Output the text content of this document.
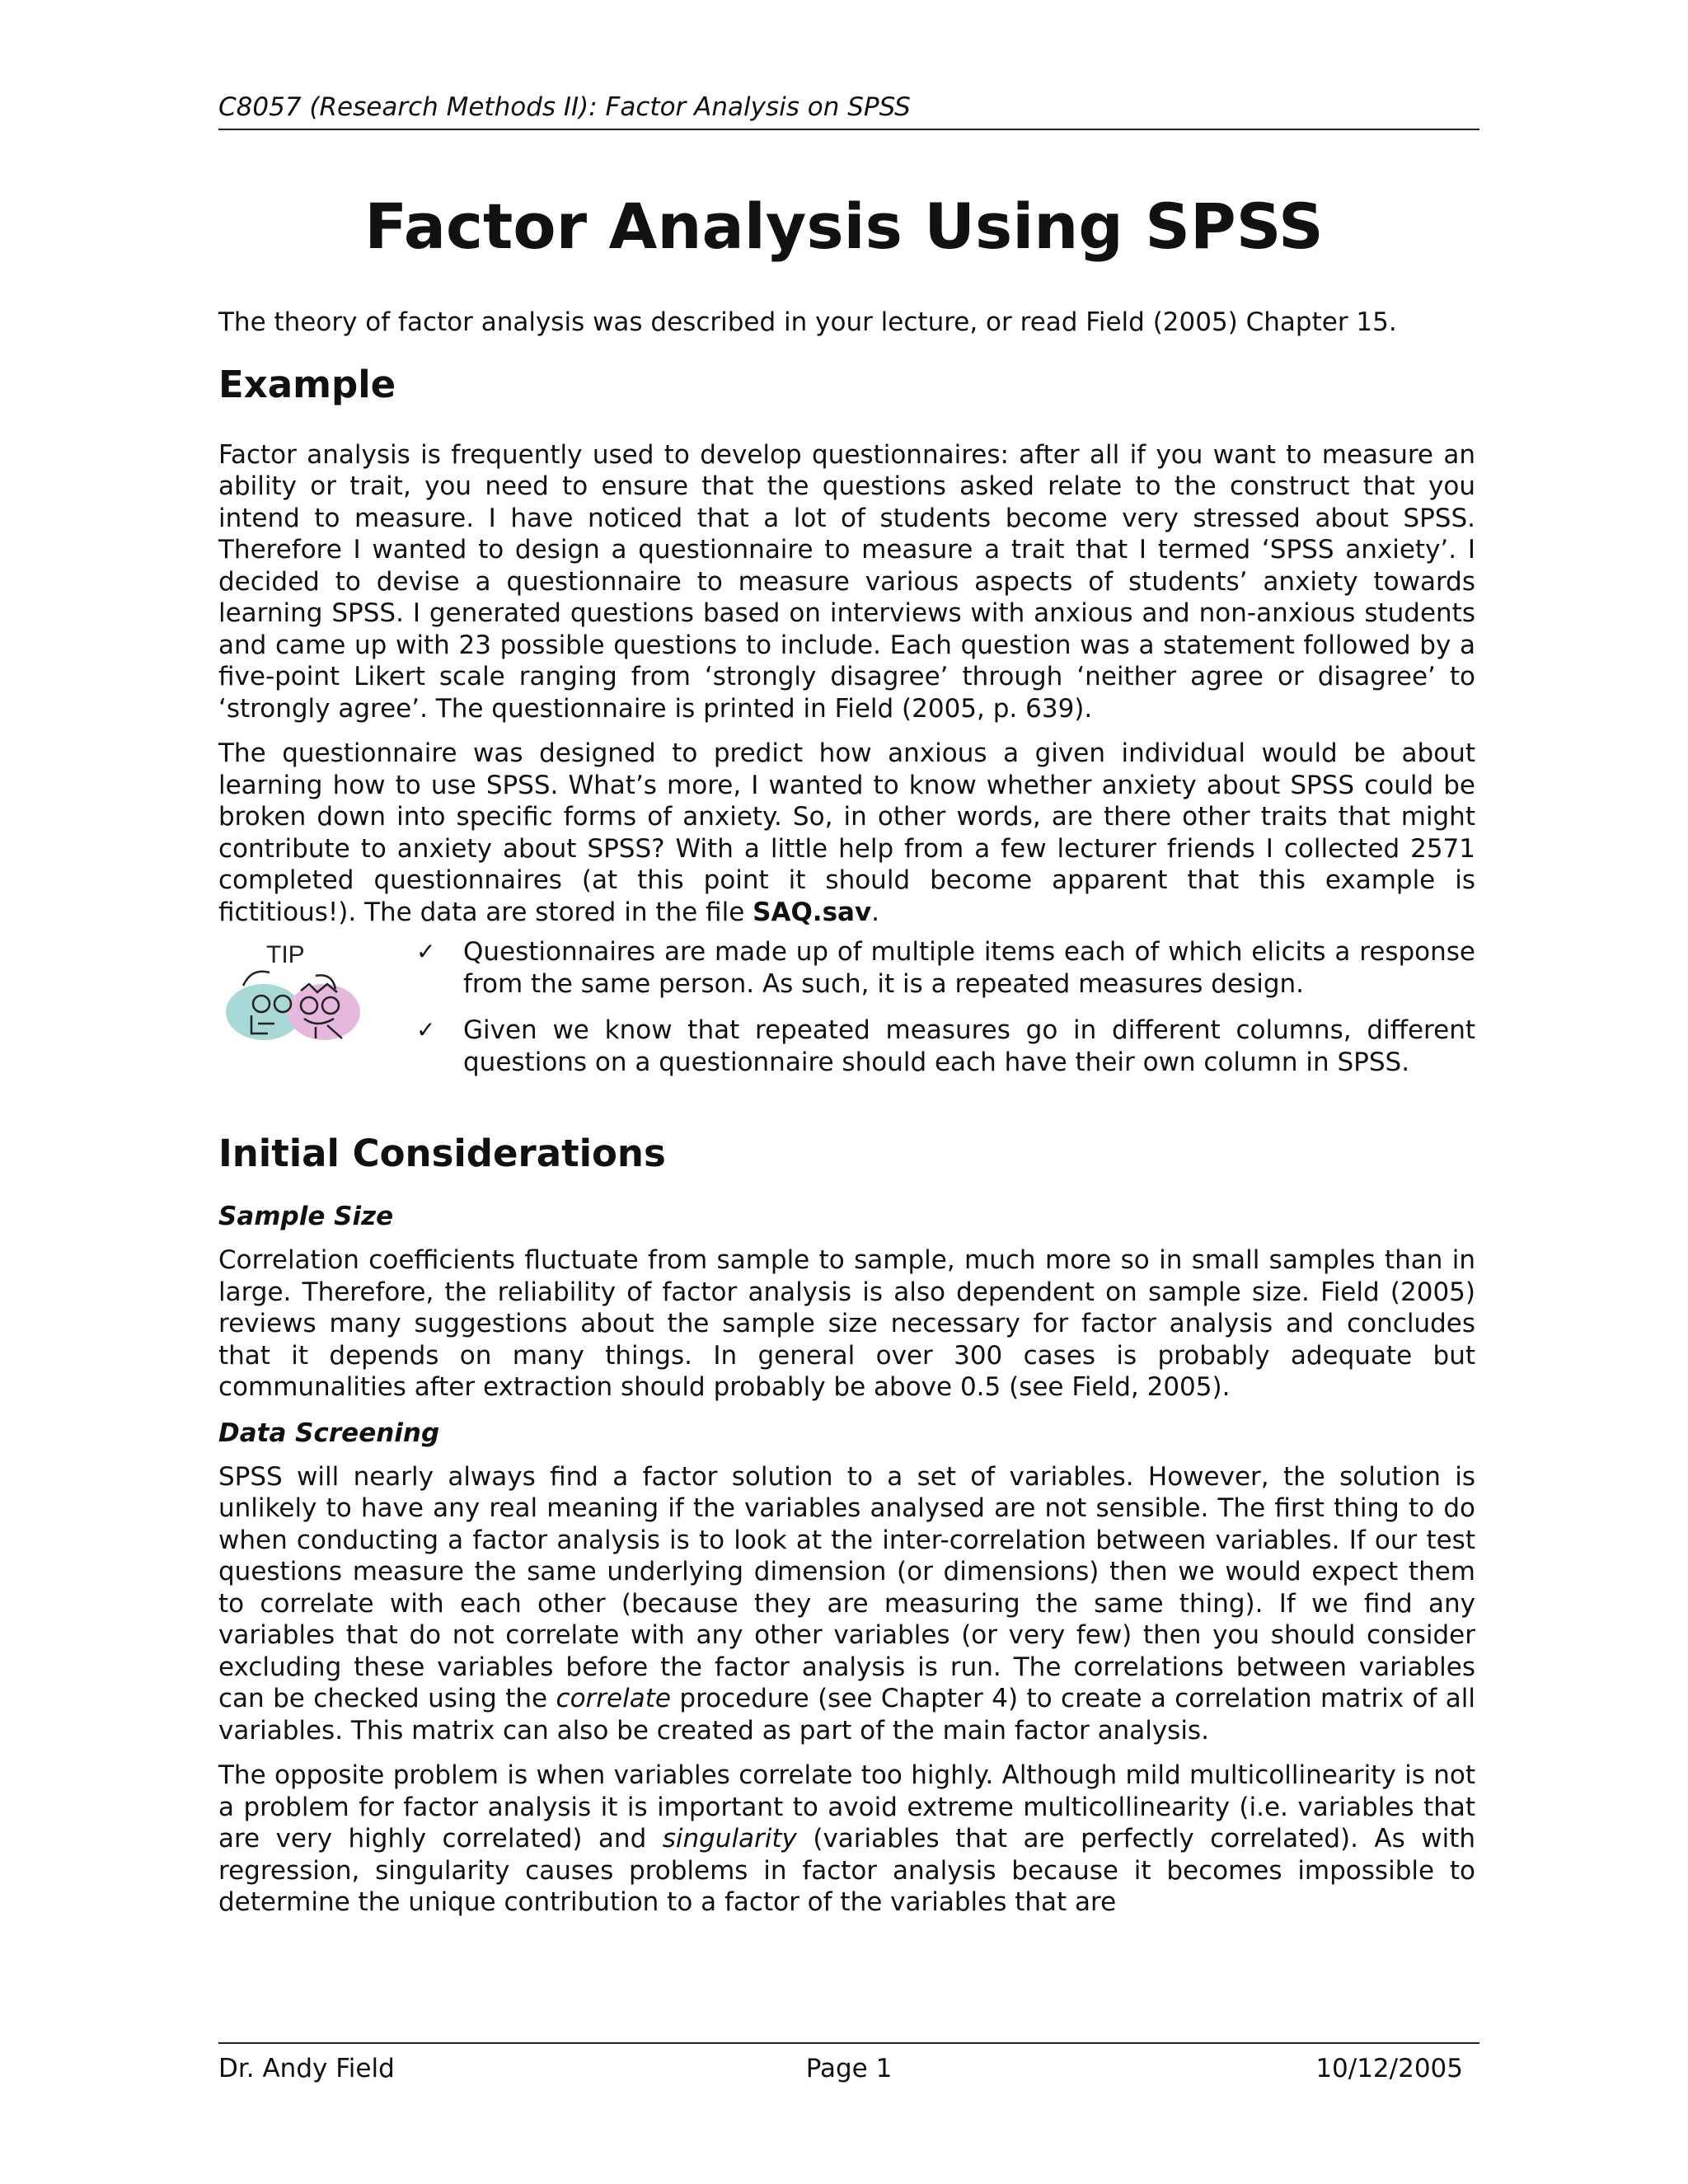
C8057 (Research Methods II): Factor Analysis on SPSS
Factor Analysis Using SPSS

The theory of factor analysis was described in your lecture, or read Field (2005) Chapter 15.

Example

Factor analysis is frequently used to develop questionnaires: after all if you want to measure an ability or trait, you need to ensure that the questions asked relate to the construct that you intend to measure. I have noticed that a lot of students become very stressed about SPSS. Therefore I wanted to design a questionnaire to measure a trait that I termed ‘SPSS anxiety’. I decided to devise a questionnaire to measure various aspects of students’ anxiety towards learning SPSS. I generated questions based on interviews with anxious and non-anxious students and came up with 23 possible questions to include. Each question was a statement followed by a five-point Likert scale ranging from ‘strongly disagree’ through ‘neither agree or disagree’ to ‘strongly agree’. The questionnaire is printed in Field (2005, p. 639).

The questionnaire was designed to predict how anxious a given individual would be about learning how to use SPSS. What’s more, I wanted to know whether anxiety about SPSS could be broken down into specific forms of anxiety. So, in other words, are there other traits that might contribute to anxiety about SPSS? With a little help from a few lecturer friends I collected 2571 completed questionnaires (at this point it should become apparent that this example is fictitious!). The data are stored in the file SAQ.sav.

TIP	✓ Questionnaires are made up of multiple items each of which elicits a response from the same person. As such, it is a repeated measures design.
✓ Given we know that repeated measures go in different columns, different questions on a questionnaire should each have their own column in SPSS.
Initial Considerations
Sample Size

Correlation coefficients fluctuate from sample to sample, much more so in small samples than in large. Therefore, the reliability of factor analysis is also dependent on sample size. Field (2005) reviews many suggestions about the sample size necessary for factor analysis and concludes that it depends on many things. In general over 300 cases is probably adequate but communalities after extraction should probably be above 0.5 (see Field, 2005).

Data Screening

SPSS will nearly always find a factor solution to a set of variables. However, the solution is unlikely to have any real meaning if the variables analysed are not sensible. The first thing to do when conducting a factor analysis is to look at the inter-correlation between variables. If our test questions measure the same underlying dimension (or dimensions) then we would expect them to correlate with each other (because they are measuring the same thing). If we find any variables that do not correlate with any other variables (or very few) then you should consider excluding these variables before the factor analysis is run. The correlations between variables can be checked using the correlate procedure (see Chapter 4) to create a correlation matrix of all variables. This matrix can also be created as part of the main factor analysis.

The opposite problem is when variables correlate too highly. Although mild multicollinearity is not a problem for factor analysis it is important to avoid extreme multicollinearity (i.e. variables that are very highly correlated) and singularity (variables that are perfectly correlated). As with regression, singularity causes problems in factor analysis because it becomes impossible to determine the unique contribution to a factor of the variables that are

Dr. Andy Field	Page 1	10/12/2005
